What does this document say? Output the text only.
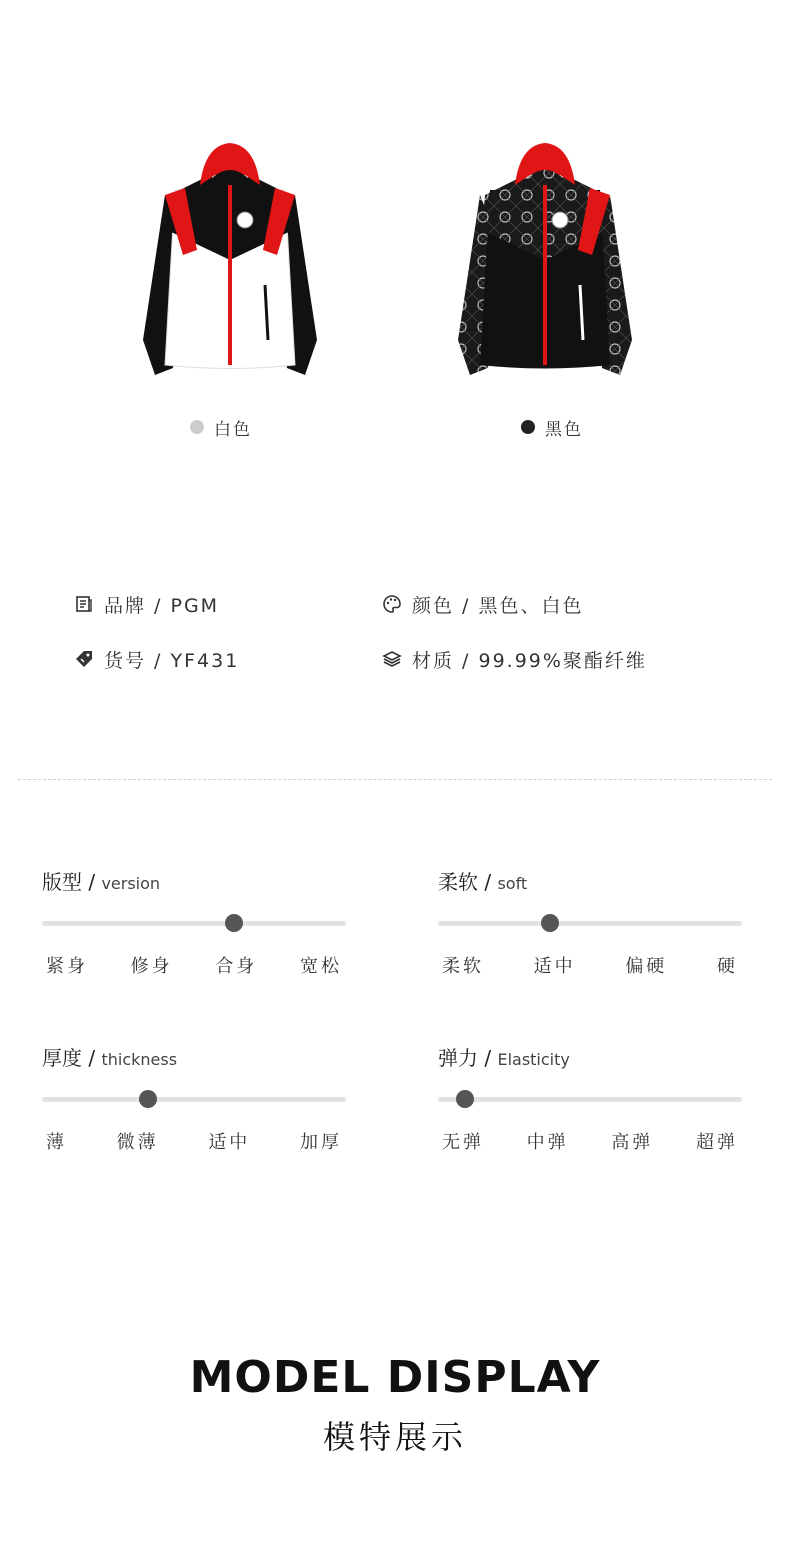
白色	黑色
品牌 / PGM	颜色 / 黑色、白色
货号 / YF431	材质 / 99.99%聚酯纤维
版型 / version
紧身 修身 合身 宽松
柔软 / soft
柔软	适中	偏硬	硬
厚度 / thickness
薄	微薄	适中	加厚
弹力 / Elasticity
无弹 中弹 高弹 超弹
MODEL DISPLAY
模特展示
